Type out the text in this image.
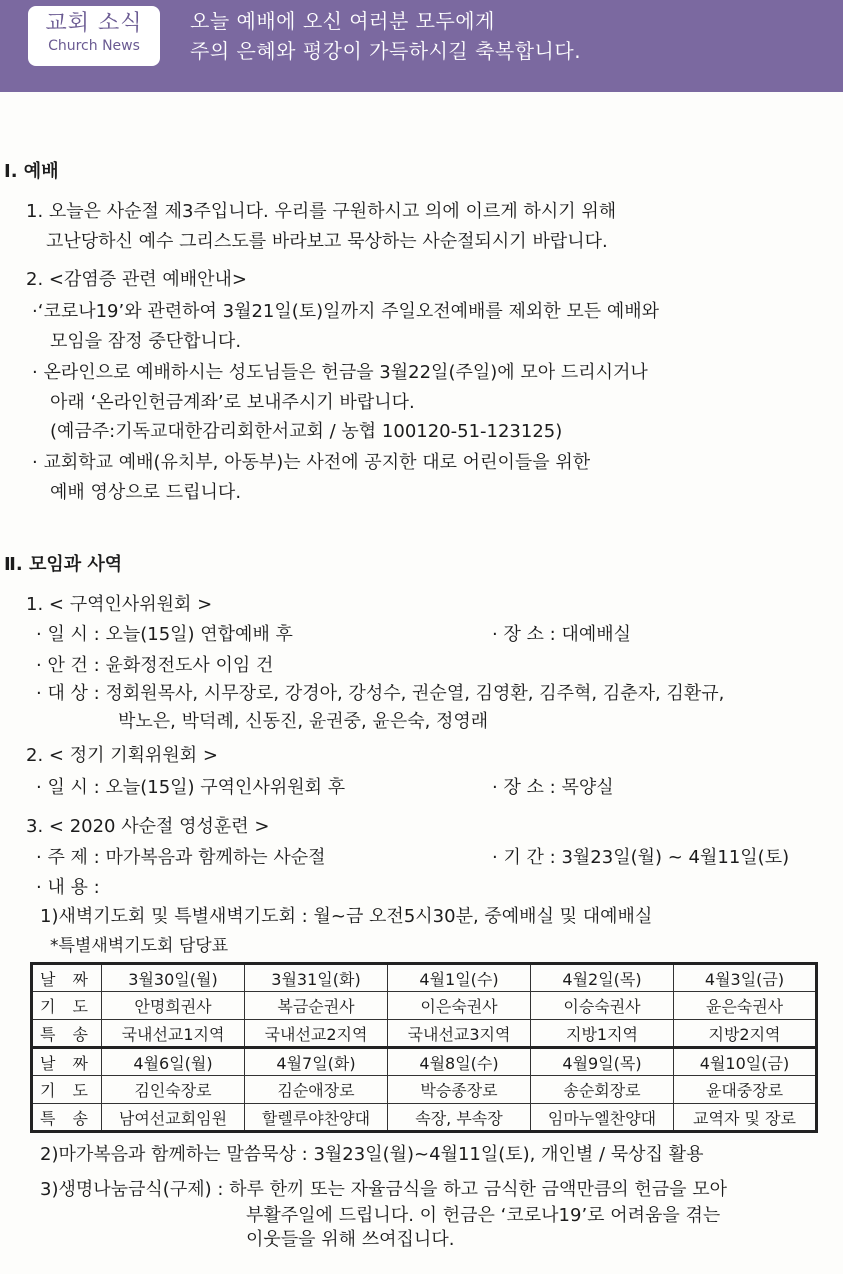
교회 소식
Church News
오늘 예배에 오신 여러분 모두에게
주의 은혜와 평강이 가득하시길 축복합니다.
Ⅰ. 예배
1. 오늘은 사순절 제3주입니다. 우리를 구원하시고 의에 이르게 하시기 위해
고난당하신 예수 그리스도를 바라보고 묵상하는 사순절되시기 바랍니다.
2. <감염증 관련 예배안내>
·‘코로나19’와 관련하여 3월21일(토)일까지 주일오전예배를 제외한 모든 예배와
모임을 잠정 중단합니다.
· 온라인으로 예배하시는 성도님들은 헌금을 3월22일(주일)에 모아 드리시거나
아래 ‘온라인헌금계좌’로 보내주시기 바랍니다.
(예금주:기독교대한감리회한서교회 / 농협 100120-51-123125)
· 교회학교 예배(유치부, 아동부)는 사전에 공지한 대로 어린이들을 위한
예배 영상으로 드립니다.
Ⅱ. 모임과 사역
1. < 구역인사위원회 >
· 일 시 : 오늘(15일) 연합예배 후	· 장 소 : 대예배실
· 안 건 : 윤화정전도사 이임 건
· 대 상 : 정회원목사, 시무장로, 강경아, 강성수, 권순열, 김영환, 김주혁, 김춘자, 김환규,
박노은, 박덕례, 신동진, 윤권중, 윤은숙, 정영래
2. < 정기 기획위원회 >
· 일 시 : 오늘(15일) 구역인사위원회 후	· 장 소 : 목양실
3. < 2020 사순절 영성훈련 >
· 주 제 : 마가복음과 함께하는 사순절	· 기 간 : 3월23일(월) ~ 4월11일(토)
· 내 용 :
1)새벽기도회 및 특별새벽기도회 : 월~금 오전5시30분, 중예배실 및 대예배실
*특별새벽기도회 담당표
날 짜	3월30일(월)	3월31일(화)	4월1일(수)	4월2일(목)	4월3일(금)
기 도	안명희권사	복금순권사	이은숙권사	이승숙권사	윤은숙권사
특 송	국내선교1지역	국내선교2지역	국내선교3지역	지방1지역	지방2지역
날 짜	4월6일(월)	4월7일(화)	4월8일(수)	4월9일(목)	4월10일(금)
기 도	김인숙장로	김순애장로	박승종장로	송순회장로	윤대중장로
특 송	남여선교회임원	할렐루야찬양대	속장, 부속장	임마누엘찬양대	교역자 및 장로
2)마가복음과 함께하는 말씀묵상 : 3월23일(월)~4월11일(토), 개인별 / 묵상집 활용
3)생명나눔금식(구제) : 하루 한끼 또는 자율금식을 하고 금식한 금액만큼의 헌금을 모아
부활주일에 드립니다. 이 헌금은 ‘코로나19’로 어려움을 겪는
이웃들을 위해 쓰여집니다.
